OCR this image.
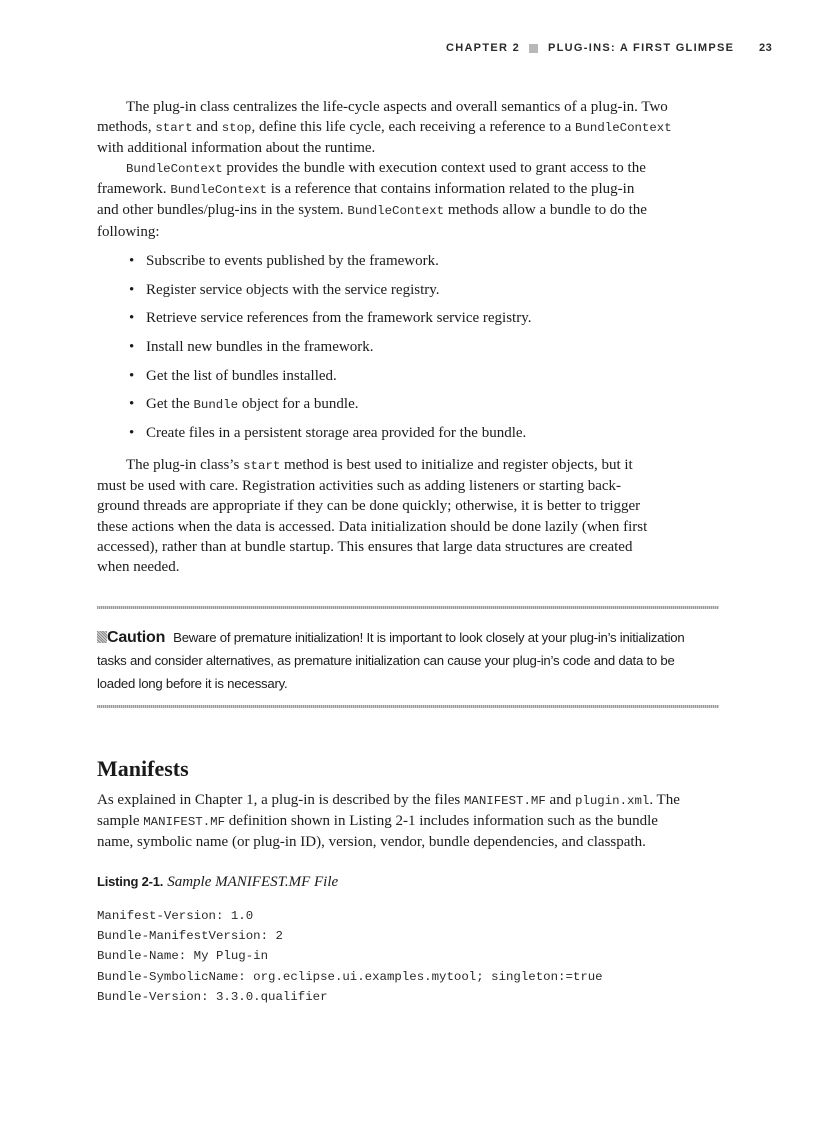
CHAPTER 2	PLUG-INS: A FIRST GLIMPSE 23

The plug-in class centralizes the life-cycle aspects and overall semantics of a plug-in. Two
methods, start and stop, define this life cycle, each receiving a reference to a BundleContext
with additional information about the runtime.

BundleContext provides the bundle with execution context used to grant access to the
framework. BundleContext is a reference that contains information related to the plug-in
and other bundles/plug-ins in the system. BundleContext methods allow a bundle to do the
following:

• Subscribe to events published by the framework.
• Register service objects with the service registry.
• Retrieve service references from the framework service registry.
• Install new bundles in the framework.
• Get the list of bundles installed.
• Get the Bundle object for a bundle.
• Create files in a persistent storage area provided for the bundle.

The plug-in class’s start method is best used to initialize and register objects, but it
must be used with care. Registration activities such as adding listeners or starting back-
ground threads are appropriate if they can be done quickly; otherwise, it is better to trigger
these actions when the data is accessed. Data initialization should be done lazily (when first
accessed), rather than at bundle startup. This ensures that large data structures are created
when needed.

Caution Beware of premature initialization! It is important to look closely at your plug-in’s initialization
tasks and consider alternatives, as premature initialization can cause your plug-in’s code and data to be
loaded long before it is necessary.
Manifests

As explained in Chapter 1, a plug-in is described by the files MANIFEST.MF and plugin.xml. The
sample MANIFEST.MF definition shown in Listing 2-1 includes information such as the bundle
name, symbolic name (or plug-in ID), version, vendor, bundle dependencies, and classpath.

Listing 2-1. Sample MANIFEST.MF File
Manifest-Version: 1.0
Bundle-ManifestVersion: 2
Bundle-Name: My Plug-in
Bundle-SymbolicName: org.eclipse.ui.examples.mytool; singleton:=true
Bundle-Version: 3.3.0.qualifier
